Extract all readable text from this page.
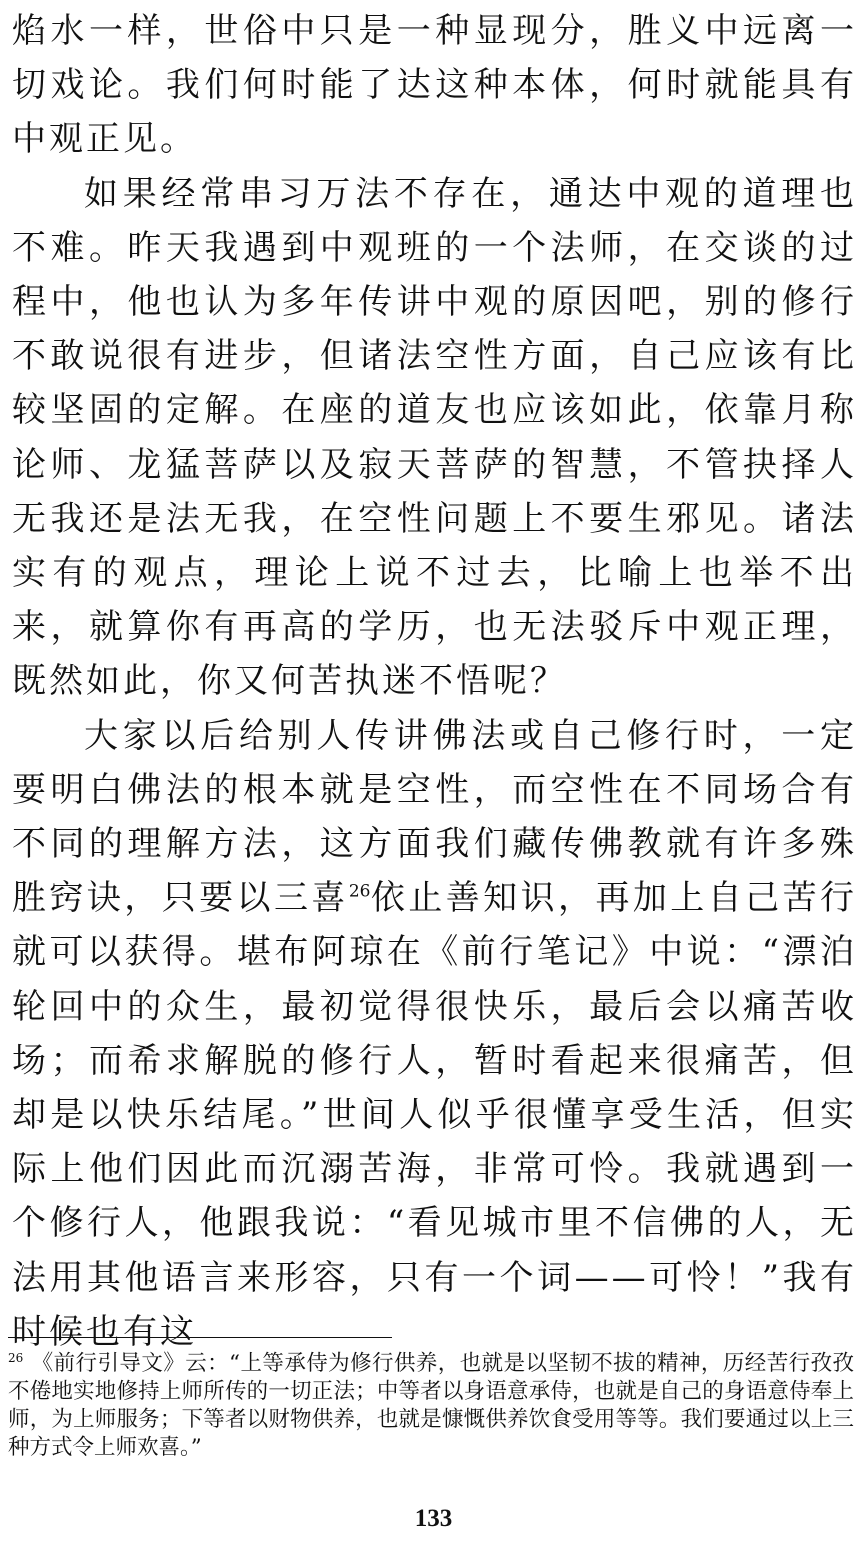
焰水一样，世俗中只是一种显现分，胜义中远离一切戏论。我们何时能了达这种本体，何时就能具有中观正见。

如果经常串习万法不存在，通达中观的道理也不难。昨天我遇到中观班的一个法师，在交谈的过程中，他也认为多年传讲中观的原因吧，别的修行不敢说很有进步，但诸法空性方面，自己应该有比较坚固的定解。在座的道友也应该如此，依靠月称论师、龙猛菩萨以及寂天菩萨的智慧，不管抉择人无我还是法无我，在空性问题上不要生邪见。诸法实有的观点，理论上说不过去，比喻上也举不出来，就算你有再高的学历，也无法驳斥中观正理，既然如此，你又何苦执迷不悟呢？

大家以后给别人传讲佛法或自己修行时，一定要明白佛法的根本就是空性，而空性在不同场合有不同的理解方法，这方面我们藏传佛教就有许多殊胜窍诀，只要以三喜$^{26}$依止善知识，再加上自己苦行就可以获得。堪布阿琼在《前行笔记》中说：“漂泊轮回中的众生，最初觉得很快乐，最后会以痛苦收场；而希求解脱的修行人，暂时看起来很痛苦，但却是以快乐结尾。”世间人似乎很懂享受生活，但实际上他们因此而沉溺苦海，非常可怜。我就遇到一个修行人，他跟我说：“看见城市里不信佛的人，无法用其他语言来形容，只有一个词——可怜！”我有时候也有这

$^{26}$ 《前行引导文》云：“上等承侍为修行供养，也就是以坚韧不拔的精神，历经苦行孜孜不倦地实地修持上师所传的一切正法；中等者以身语意承侍，也就是自己的身语意侍奉上师，为上师服务；下等者以财物供养，也就是慷慨供养饮食受用等等。我们要通过以上三种方式令上师欢喜。”
133
